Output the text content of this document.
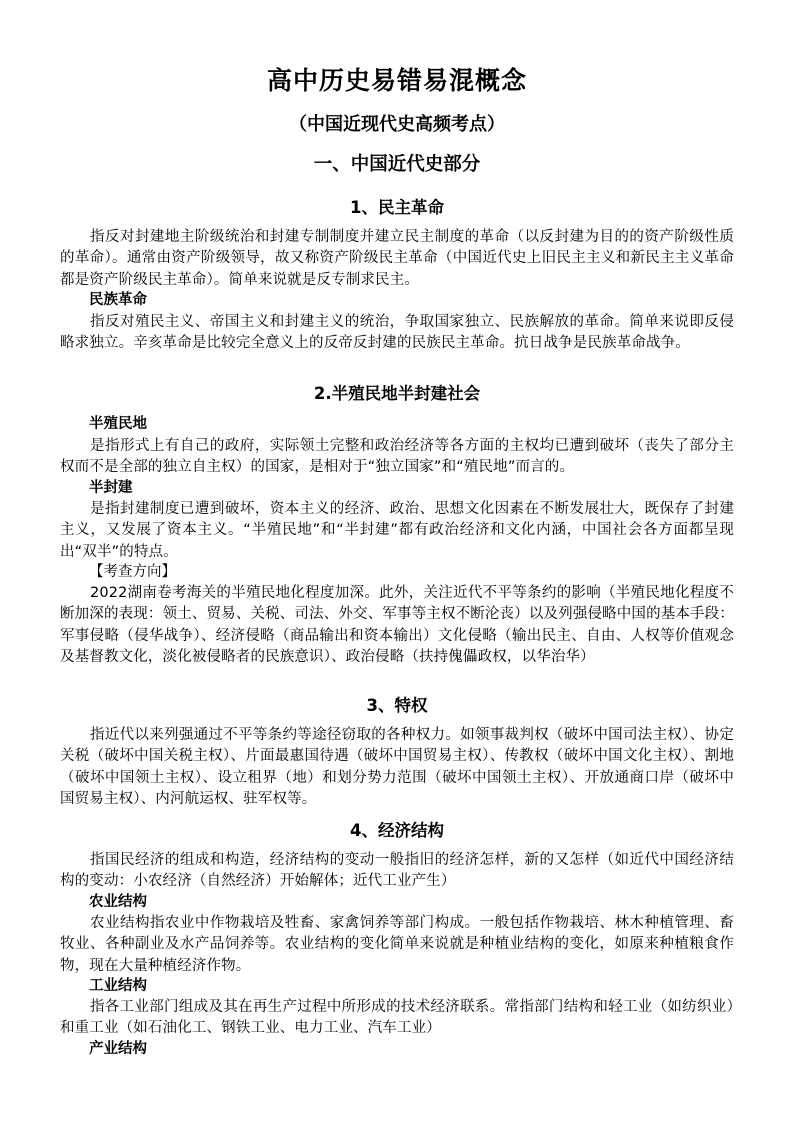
高中历史易错易混概念
（中国近现代史高频考点）
一、中国近代史部分
1、民主革命

指反对封建地主阶级统治和封建专制制度并建立民主制度的革命（以反封建为目的的资产阶级性质的革命）。通常由资产阶级领导，故又称资产阶级民主革命（中国近代史上旧民主主义和新民主主义革命都是资产阶级民主革命）。简单来说就是反专制求民主。

民族革命

指反对殖民主义、帝国主义和封建主义的统治，争取国家独立、民族解放的革命。简单来说即反侵略求独立。辛亥革命是比较完全意义上的反帝反封建的民族民主革命。抗日战争是民族革命战争。

2.半殖民地半封建社会

半殖民地

是指形式上有自己的政府，实际领土完整和政治经济等各方面的主权均已遭到破坏（丧失了部分主权而不是全部的独立自主权）的国家，是相对于“独立国家”和“殖民地”而言的。

半封建

是指封建制度已遭到破坏，资本主义的经济、政治、思想文化因素在不断发展壮大，既保存了封建主义，又发展了资本主义。“半殖民地”和“半封建”都有政治经济和文化内涵，中国社会各方面都呈现出“双半”的特点。

【考查方向】

2022湖南卷考海关的半殖民地化程度加深。此外，关注近代不平等条约的影响（半殖民地化程度不断加深的表现：领土、贸易、关税、司法、外交、军事等主权不断沦丧）以及列强侵略中国的基本手段：军事侵略（侵华战争）、经济侵略（商品输出和资本输出）文化侵略（输出民主、自由、人权等价值观念及基督教文化，淡化被侵略者的民族意识）、政治侵略（扶持傀儡政权，以华治华）

3、特权

指近代以来列强通过不平等条约等途径窃取的各种权力。如领事裁判权（破坏中国司法主权）、协定关税（破坏中国关税主权）、片面最惠国待遇（破坏中国贸易主权）、传教权（破坏中国文化主权）、割地（破坏中国领土主权）、设立租界（地）和划分势力范围（破坏中国领土主权）、开放通商口岸（破坏中国贸易主权）、内河航运权、驻军权等。

4、经济结构

指国民经济的组成和构造，经济结构的变动一般指旧的经济怎样，新的又怎样（如近代中国经济结构的变动：小农经济（自然经济）开始解体；近代工业产生）

农业结构

农业结构指农业中作物栽培及牲畜、家禽饲养等部门构成。一般包括作物栽培、林木种植管理、畜牧业、各种副业及水产品饲养等。农业结构的变化简单来说就是种植业结构的变化，如原来种植粮食作物，现在大量种植经济作物。

工业结构

指各工业部门组成及其在再生产过程中所形成的技术经济联系。常指部门结构和轻工业（如纺织业）和重工业（如石油化工、钢铁工业、电力工业、汽车工业）

产业结构
